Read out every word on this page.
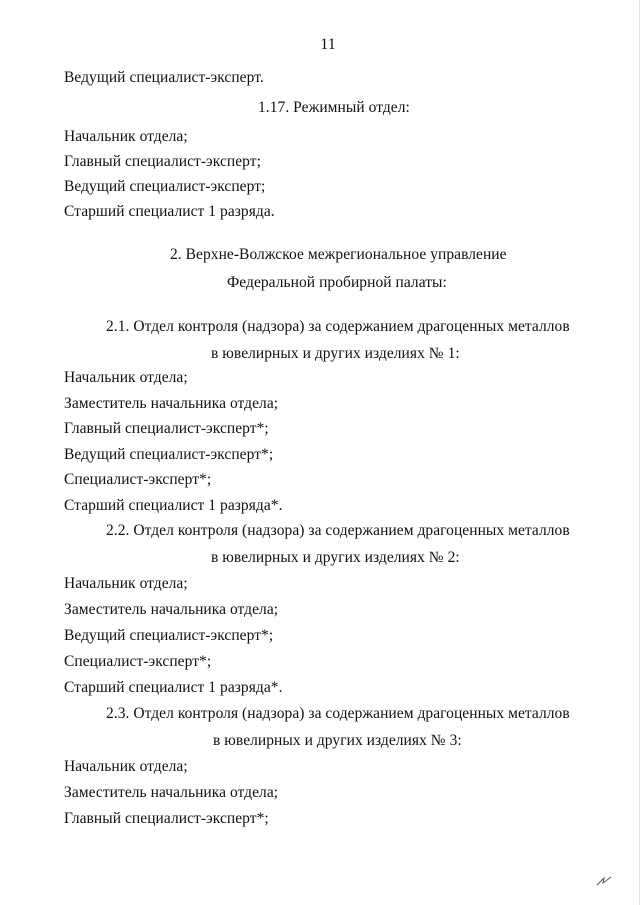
11
Ведущий специалист-эксперт.
1.17. Режимный отдел:
Начальник отдела;
Главный специалист-эксперт;
Ведущий специалист-эксперт;
Старший специалист 1 разряда.
2. Верхне-Волжское межрегиональное управление
Федеральной пробирной палаты:
2.1. Отдел контроля (надзора) за содержанием драгоценных металлов
в ювелирных и других изделиях № 1:
Начальник отдела;
Заместитель начальника отдела;
Главный специалист-эксперт*;
Ведущий специалист-эксперт*;
Специалист-эксперт*;
Старший специалист 1 разряда*.
2.2. Отдел контроля (надзора) за содержанием драгоценных металлов
в ювелирных и других изделиях № 2:
Начальник отдела;
Заместитель начальника отдела;
Ведущий специалист-эксперт*;
Специалист-эксперт*;
Старший специалист 1 разряда*.
2.3. Отдел контроля (надзора) за содержанием драгоценных металлов
в ювелирных и других изделиях № 3:
Начальник отдела;
Заместитель начальника отдела;
Главный специалист-эксперт*;
· · ·
